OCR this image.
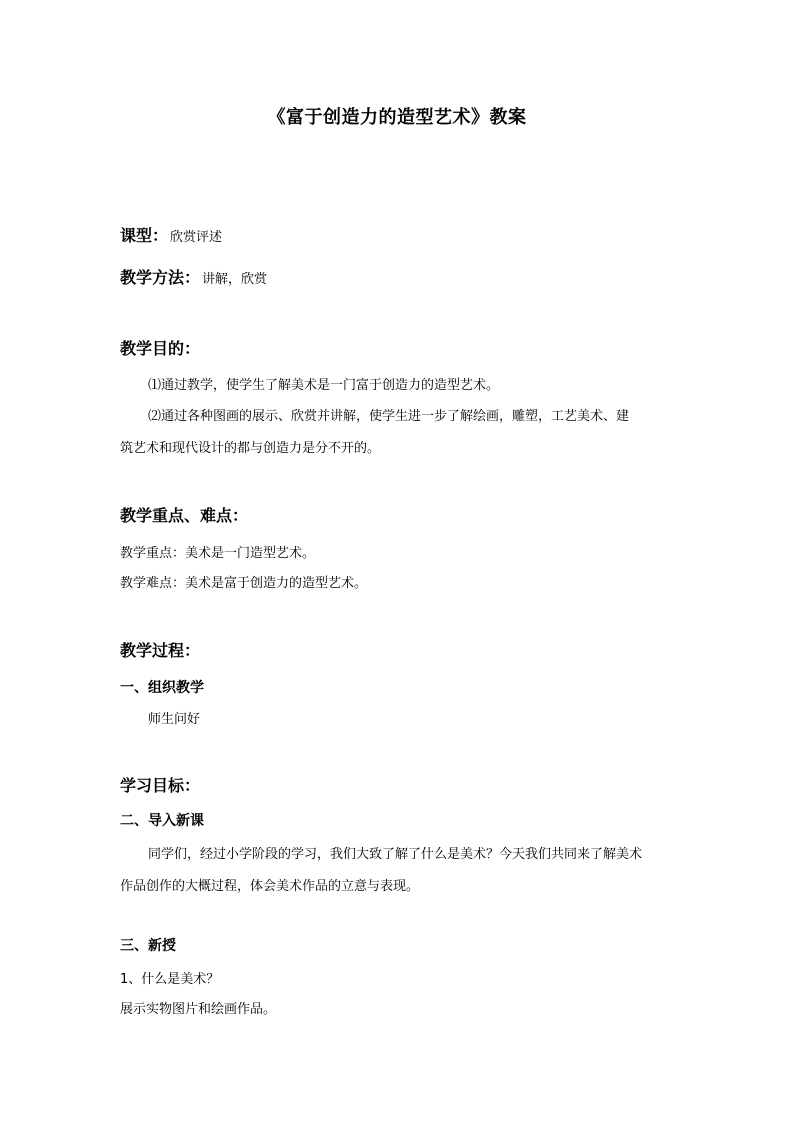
《富于创造力的造型艺术》教案
课型： 欣赏评述
教学方法： 讲解，欣赏
教学目的：
⑴通过教学，使学生了解美术是一门富于创造力的造型艺术。
⑵通过各种图画的展示、欣赏并讲解，使学生进一步了解绘画，雕塑，工艺美术、建
筑艺术和现代设计的都与创造力是分不开的。
教学重点、难点：
教学重点：美术是一门造型艺术。
教学难点：美术是富于创造力的造型艺术。
教学过程：
一、组织教学
师生问好
学习目标：
二、导入新课
同学们，经过小学阶段的学习，我们大致了解了什么是美术？今天我们共同来了解美术
作品创作的大概过程，体会美术作品的立意与表现。
三、新授
1、什么是美术？
展示实物图片和绘画作品。
